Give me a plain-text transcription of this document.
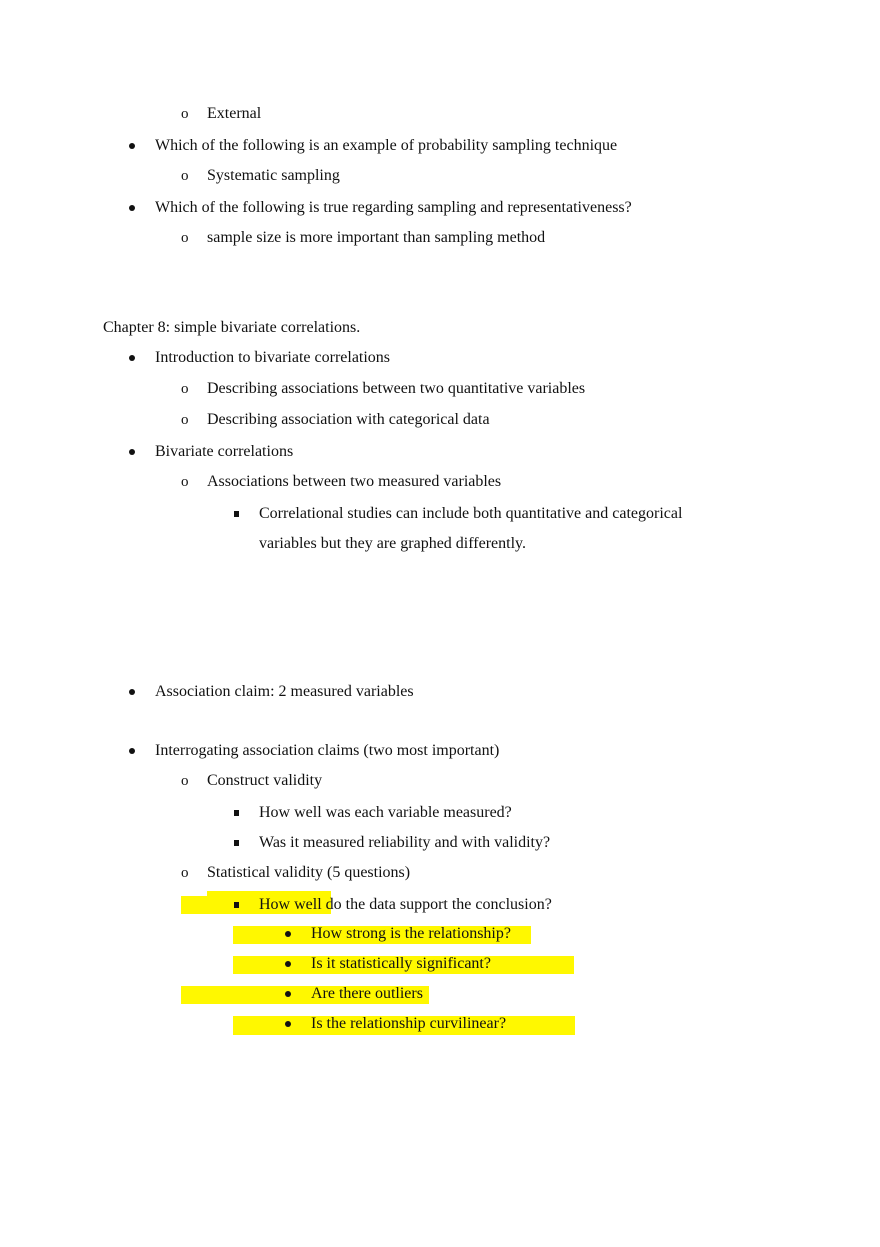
o External
Which of the following is an example of probability sampling technique
o Systematic sampling
Which of the following is true regarding sampling and representativeness?
o sample size is more important than sampling method
Chapter 8: simple bivariate correlations.
Introduction to bivariate correlations
o Describing associations between two quantitative variables
o Describing association with categorical data
Bivariate correlations
o Associations between two measured variables
Correlational studies can include both quantitative and categorical
variables but they are graphed differently.
Association claim: 2 measured variables
Interrogating association claims (two most important)
o Construct validity
How well was each variable measured?
Was it measured reliability and with validity?
o Statistical validity (5 questions)
How well do the data support the conclusion?
How strong is the relationship?
Is it statistically significant?
Are there outliers
Is the relationship curvilinear?
